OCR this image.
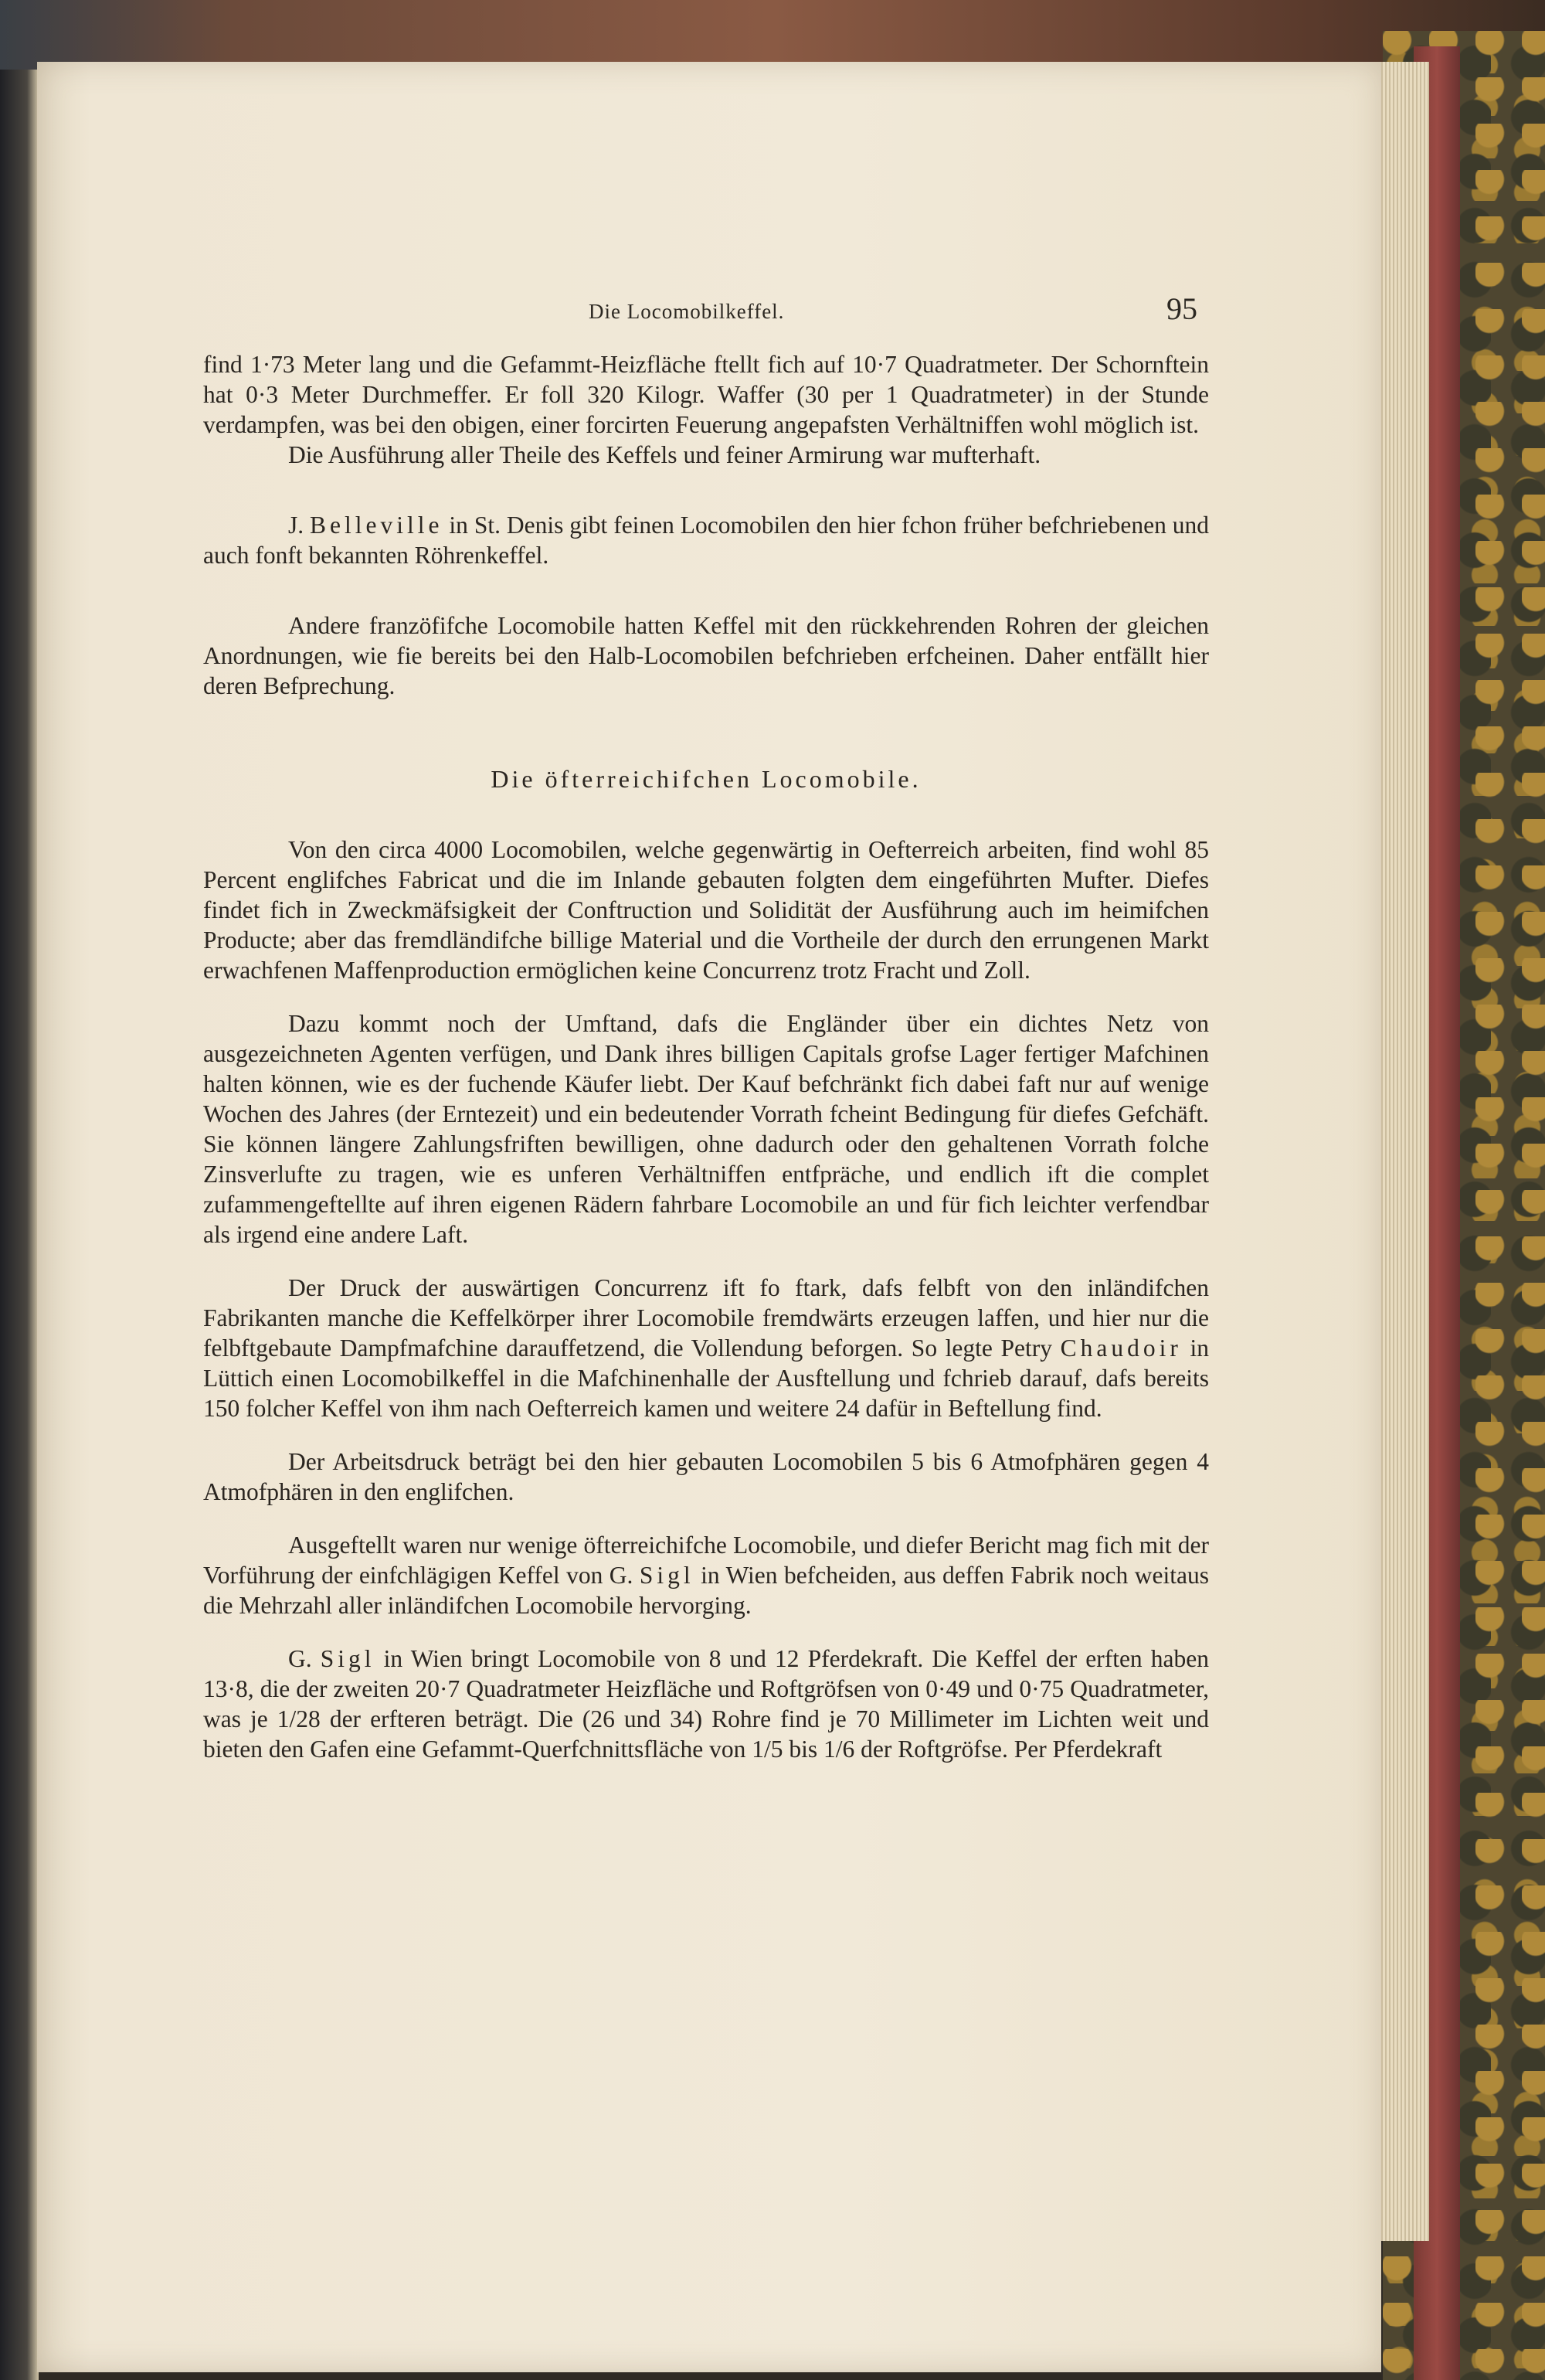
Die Locomobilkeffel.	95

find 1·73 Meter lang und die Gefammt-Heizfläche ftellt fich auf 10·7 Quadratmeter. Der Schornftein hat 0·3 Meter Durchmeffer. Er foll 320 Kilogr. Waffer (30 per 1 Quadratmeter) in der Stunde verdampfen, was bei den obigen, einer forcirten Feuerung angepafsten Verhältniffen wohl möglich ist.

Die Ausführung aller Theile des Keffels und feiner Armirung war mufterhaft.

J. Belleville in St. Denis gibt feinen Locomobilen den hier fchon früher befchriebenen und auch fonft bekannten Röhrenkeffel.

Andere franzöfifche Locomobile hatten Keffel mit den rückkehrenden Rohren der gleichen Anordnungen, wie fie bereits bei den Halb-Locomobilen befchrieben erfcheinen. Daher entfällt hier deren Befprechung.

Die öfterreichifchen Locomobile.

Von den circa 4000 Locomobilen, welche gegenwärtig in Oefterreich arbeiten, find wohl 85 Percent englifches Fabricat und die im Inlande gebauten folgten dem eingeführten Mufter. Diefes findet fich in Zweckmäfsigkeit der Conftruction und Solidität der Ausführung auch im heimifchen Producte; aber das fremdländifche billige Material und die Vortheile der durch den errungenen Markt erwachfenen Maffenproduction ermöglichen keine Concurrenz trotz Fracht und Zoll.

Dazu kommt noch der Umftand, dafs die Engländer über ein dichtes Netz von ausgezeichneten Agenten verfügen, und Dank ihres billigen Capitals grofse Lager fertiger Mafchinen halten können, wie es der fuchende Käufer liebt. Der Kauf befchränkt fich dabei faft nur auf wenige Wochen des Jahres (der Erntezeit) und ein bedeutender Vorrath fcheint Bedingung für diefes Gefchäft. Sie können längere Zahlungsfriften bewilligen, ohne dadurch oder den gehaltenen Vorrath folche Zinsverlufte zu tragen, wie es unferen Verhältniffen entfpräche, und endlich ift die complet zufammengeftellte auf ihren eigenen Rädern fahrbare Locomobile an und für fich leichter verfendbar als irgend eine andere Laft.

Der Druck der auswärtigen Concurrenz ift fo ftark, dafs felbft von den inländifchen Fabrikanten manche die Keffelkörper ihrer Locomobile fremdwärts erzeugen laffen, und hier nur die felbftgebaute Dampfmafchine darauffetzend, die Vollendung beforgen. So legte Petry Chaudoir in Lüttich einen Locomobilkeffel in die Mafchinenhalle der Ausftellung und fchrieb darauf, dafs bereits 150 folcher Keffel von ihm nach Oefterreich kamen und weitere 24 dafür in Beftellung find.

Der Arbeitsdruck beträgt bei den hier gebauten Locomobilen 5 bis 6 Atmofphären gegen 4 Atmofphären in den englifchen.

Ausgeftellt waren nur wenige öfterreichifche Locomobile, und diefer Bericht mag fich mit der Vorführung der einfchlägigen Keffel von G. Sigl in Wien befcheiden, aus deffen Fabrik noch weitaus die Mehrzahl aller inländifchen Locomobile hervorging.

G. Sigl in Wien bringt Locomobile von 8 und 12 Pferdekraft. Die Keffel der erften haben 13·8, die der zweiten 20·7 Quadratmeter Heizfläche und Roftgröfsen von 0·49 und 0·75 Quadratmeter, was je 1/28 der erfteren beträgt. Die (26 und 34) Rohre find je 70 Millimeter im Lichten weit und bieten den Gafen eine Gefammt-Querfchnittsfläche von 1/5 bis 1/6 der Roftgröfse. Per Pferdekraft
